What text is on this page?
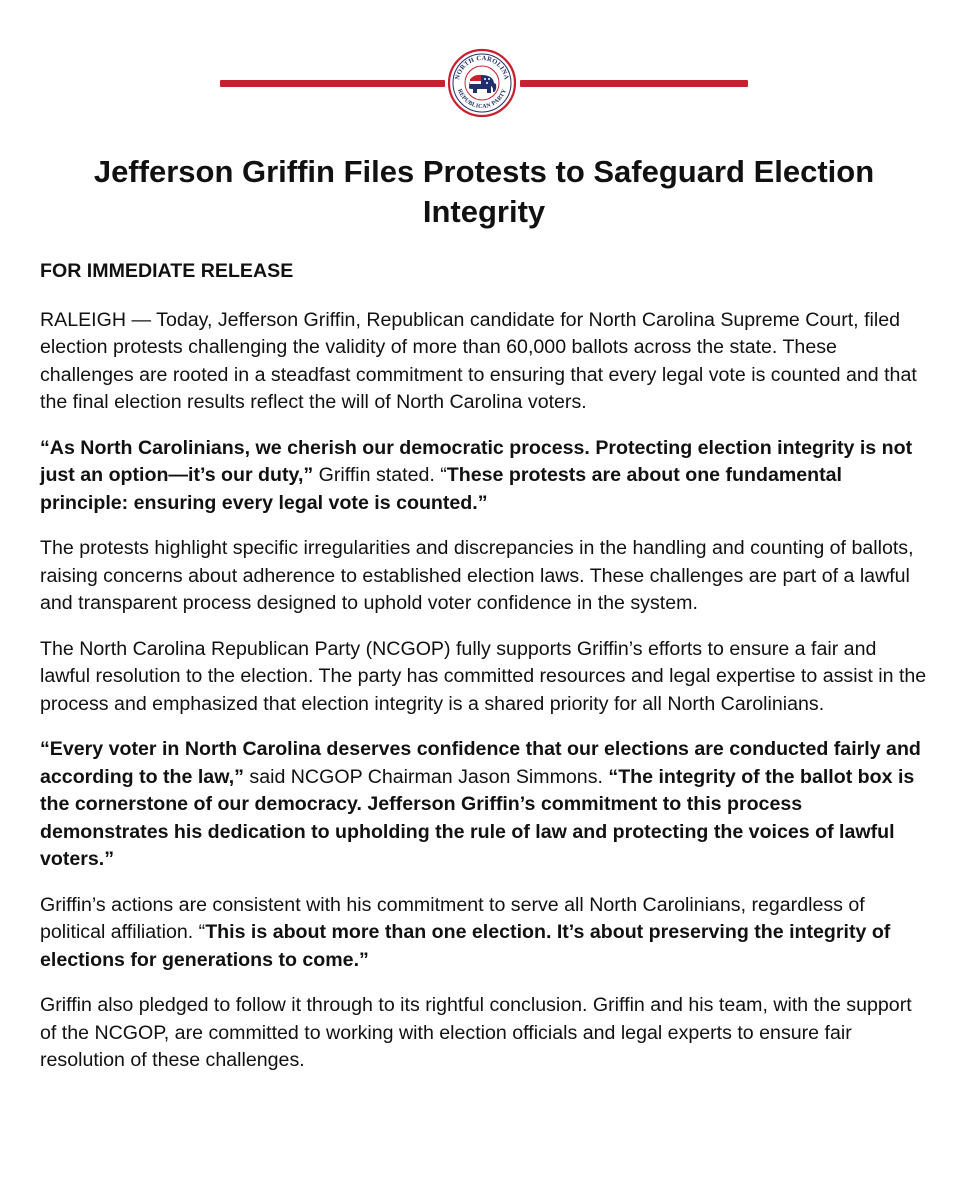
NORTH CAROLINA
REPUBLICAN PARTY
Jefferson Griffin Files Protests to Safeguard Election Integrity

FOR IMMEDIATE RELEASE

RALEIGH — Today, Jefferson Griffin, Republican candidate for North Carolina Supreme Court, filed election protests challenging the validity of more than 60,000 ballots across the state. These challenges are rooted in a steadfast commitment to ensuring that every legal vote is counted and that the final election results reflect the will of North Carolina voters.

“As North Carolinians, we cherish our democratic process. Protecting election integrity is not just an option—it’s our duty,” Griffin stated. “These protests are about one fundamental principle: ensuring every legal vote is counted.”

The protests highlight specific irregularities and discrepancies in the handling and counting of ballots, raising concerns about adherence to established election laws. These challenges are part of a lawful and transparent process designed to uphold voter confidence in the system.

The North Carolina Republican Party (NCGOP) fully supports Griffin’s efforts to ensure a fair and lawful resolution to the election. The party has committed resources and legal expertise to assist in the process and emphasized that election integrity is a shared priority for all North Carolinians.

“Every voter in North Carolina deserves confidence that our elections are conducted fairly and according to the law,” said NCGOP Chairman Jason Simmons. “The integrity of the ballot box is the cornerstone of our democracy. Jefferson Griffin’s commitment to this process demonstrates his dedication to upholding the rule of law and protecting the voices of lawful voters.”

Griffin’s actions are consistent with his commitment to serve all North Carolinians, regardless of political affiliation. “This is about more than one election. It’s about preserving the integrity of elections for generations to come.”

Griffin also pledged to follow it through to its rightful conclusion. Griffin and his team, with the support of the NCGOP, are committed to working with election officials and legal experts to ensure fair resolution of these challenges.
